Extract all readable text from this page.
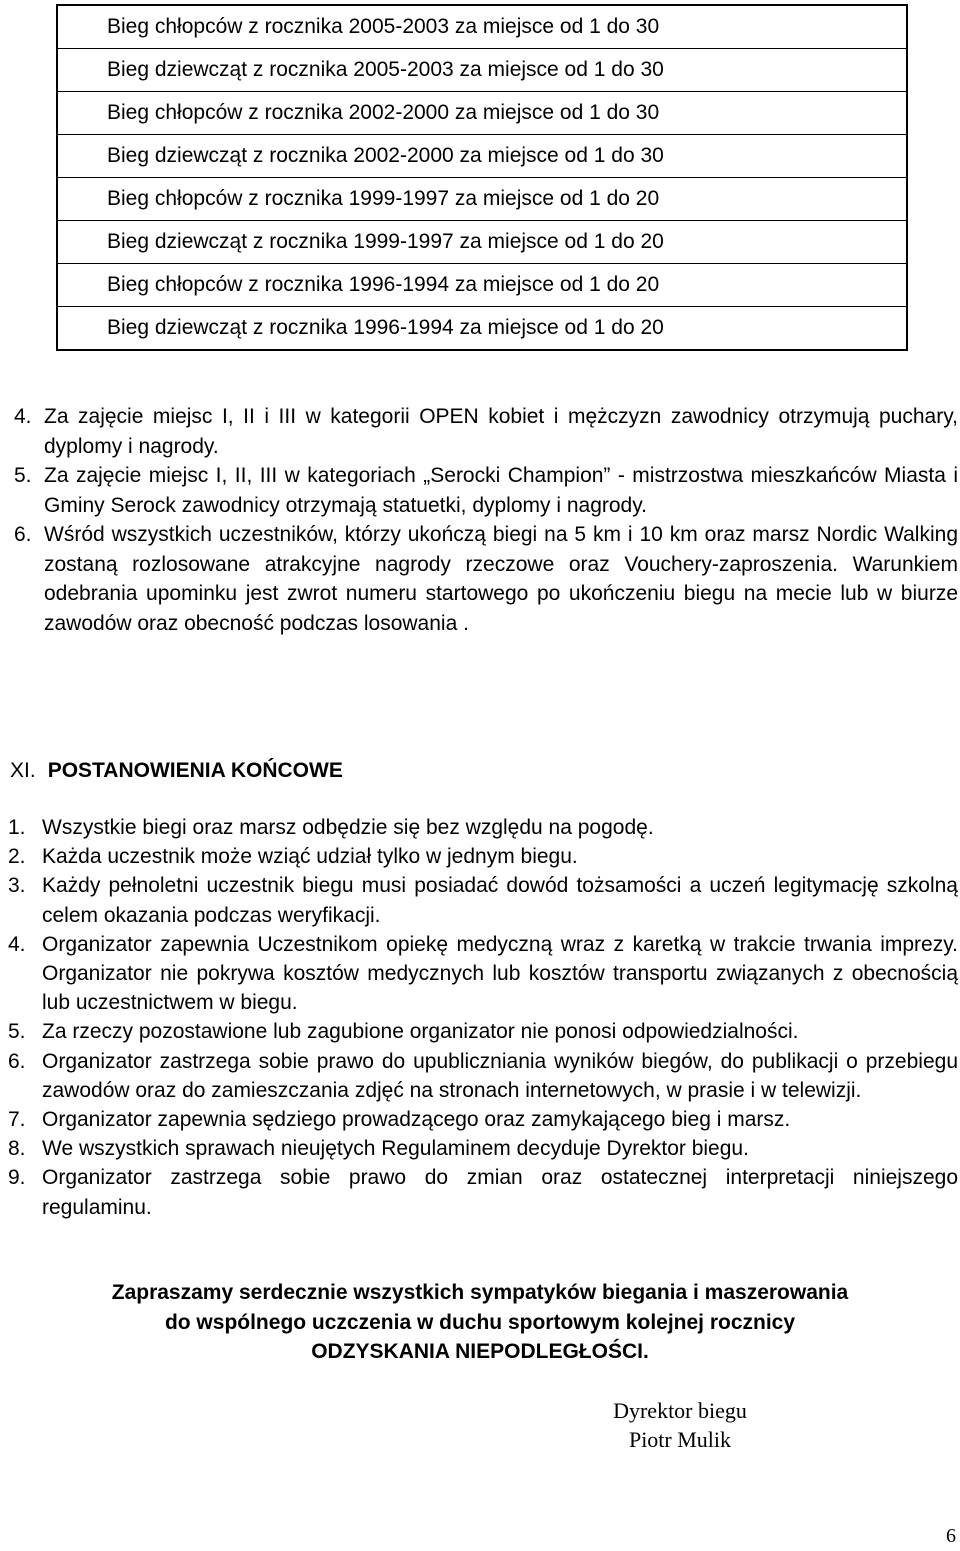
Bieg chłopców z rocznika 2005-2003 za miejsce od 1 do 30
Bieg dziewcząt z rocznika 2005-2003 za miejsce od 1 do 30
Bieg chłopców z rocznika 2002-2000 za miejsce od 1 do 30
Bieg dziewcząt z rocznika 2002-2000 za miejsce od 1 do 30
Bieg chłopców z rocznika 1999-1997 za miejsce od 1 do 20
Bieg dziewcząt z rocznika 1999-1997 za miejsce od 1 do 20
Bieg chłopców z rocznika 1996-1994 za miejsce od 1 do 20
Bieg dziewcząt z rocznika 1996-1994 za miejsce od 1 do 20
4. Za zajęcie miejsc I, II i III w kategorii OPEN kobiet i mężczyzn zawodnicy otrzymują puchary, dyplomy i nagrody.
5. Za zajęcie miejsc I, II, III w kategoriach „Serocki Champion” - mistrzostwa mieszkańców Miasta i Gminy Serock zawodnicy otrzymają statuetki, dyplomy i nagrody.
6. Wśród wszystkich uczestników, którzy ukończą biegi na 5 km i 10 km oraz marsz Nordic Walking zostaną rozlosowane atrakcyjne nagrody rzeczowe oraz Vouchery-zaproszenia. Warunkiem odebrania upominku jest zwrot numeru startowego po ukończeniu biegu na mecie lub w biurze zawodów oraz obecność podczas losowania .
XI. POSTANOWIENIA KOŃCOWE
1. Wszystkie biegi oraz marsz odbędzie się bez względu na pogodę.
2. Każda uczestnik może wziąć udział tylko w jednym biegu.
3. Każdy pełnoletni uczestnik biegu musi posiadać dowód tożsamości a uczeń legitymację szkolną celem okazania podczas weryfikacji.
4. Organizator zapewnia Uczestnikom opiekę medyczną wraz z karetką w trakcie trwania imprezy. Organizator nie pokrywa kosztów medycznych lub kosztów transportu związanych z obecnością lub uczestnictwem w biegu.
5. Za rzeczy pozostawione lub zagubione organizator nie ponosi odpowiedzialności.
6. Organizator zastrzega sobie prawo do upubliczniania wyników biegów, do publikacji o przebiegu zawodów oraz do zamieszczania zdjęć na stronach internetowych, w prasie i w telewizji.
7. Organizator zapewnia sędziego prowadzącego oraz zamykającego bieg i marsz.
8. We wszystkich sprawach nieujętych Regulaminem decyduje Dyrektor biegu.
9. Organizator zastrzega sobie prawo do zmian oraz ostatecznej interpretacji niniejszego regulaminu.
Zapraszamy serdecznie wszystkich sympatyków biegania i maszerowania
do wspólnego uczczenia w duchu sportowym kolejnej rocznicy
ODZYSKANIA NIEPODLEGŁOŚCI.
Dyrektor biegu
Piotr Mulik
6
